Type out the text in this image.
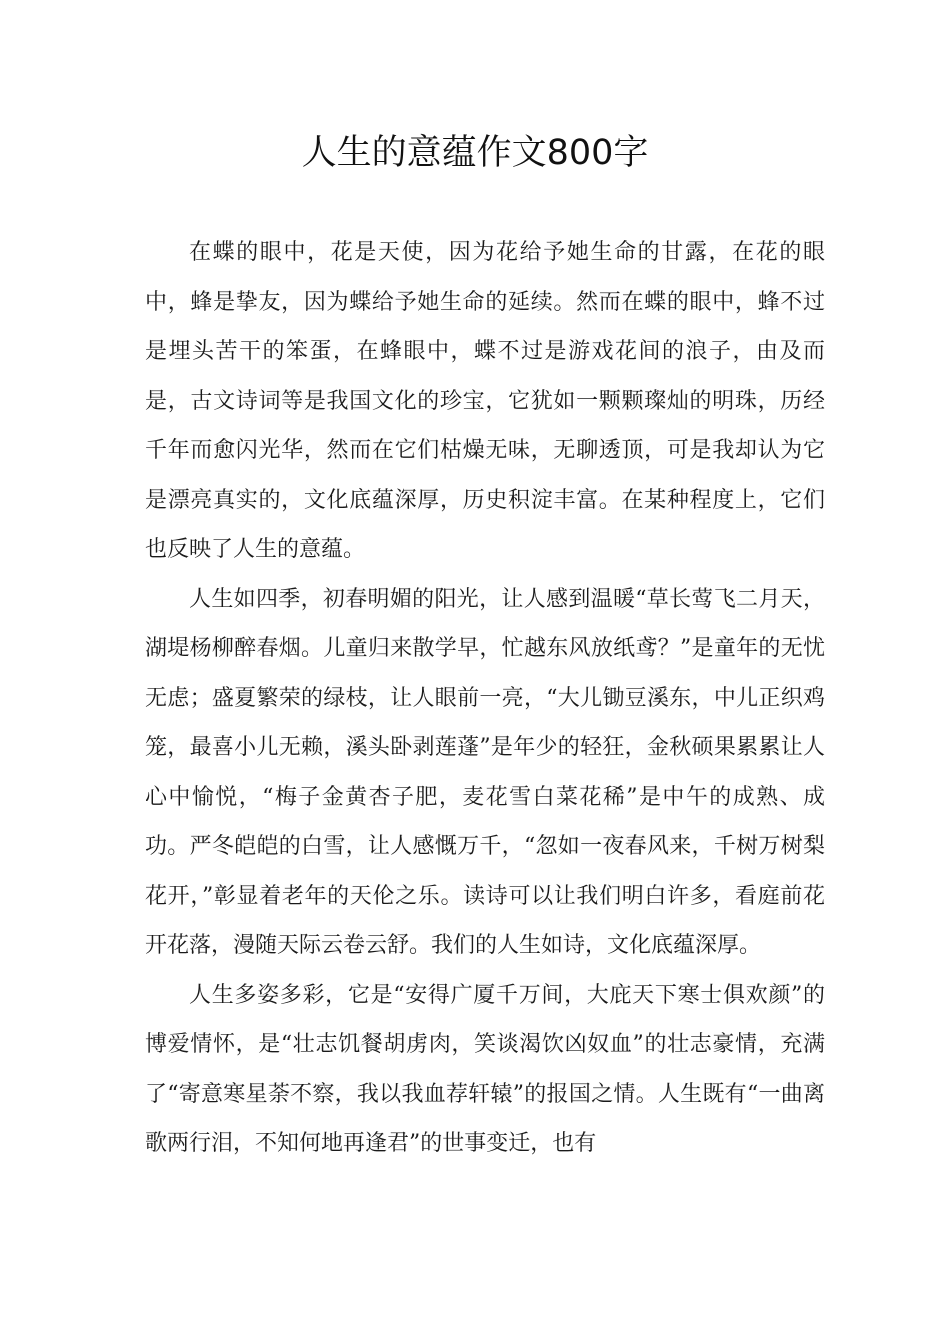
人生的意蕴作文800字

在蝶的眼中，花是天使，因为花给予她生命的甘露，在花的眼中，蜂是挚友，因为蝶给予她生命的延续。然而在蝶的眼中，蜂不过是埋头苦干的笨蛋，在蜂眼中，蝶不过是游戏花间的浪子，由及而是，古文诗词等是我国文化的珍宝，它犹如一颗颗璨灿的明珠，历经千年而愈闪光华，然而在它们枯燥无味，无聊透顶，可是我却认为它是漂亮真实的，文化底蕴深厚，历史积淀丰富。在某种程度上，它们也反映了人生的意蕴。

人生如四季，初春明媚的阳光，让人感到温暖“草长莺飞二月天，湖堤杨柳醉春烟。儿童归来散学早，忙越东风放纸鸢？”是童年的无忧无虑；盛夏繁荣的绿枝，让人眼前一亮，“大儿锄豆溪东，中儿正织鸡笼，最喜小儿无赖，溪头卧剥莲蓬”是年少的轻狂，金秋硕果累累让人心中愉悦，“梅子金黄杏子肥，麦花雪白菜花稀”是中午的成熟、成功。严冬皑皑的白雪，让人感慨万千，“忽如一夜春风来，千树万树梨花开，”彰显着老年的天伦之乐。读诗可以让我们明白许多，看庭前花开花落，漫随天际云卷云舒。我们的人生如诗，文化底蕴深厚。

人生多姿多彩，它是“安得广厦千万间，大庇天下寒士俱欢颜”的博爱情怀，是“壮志饥餐胡虏肉，笑谈渴饮凶奴血”的壮志豪情，充满了“寄意寒星荼不察，我以我血荐轩辕”的报国之情。人生既有“一曲离歌两行泪，不知何地再逢君”的世事变迁，也有
